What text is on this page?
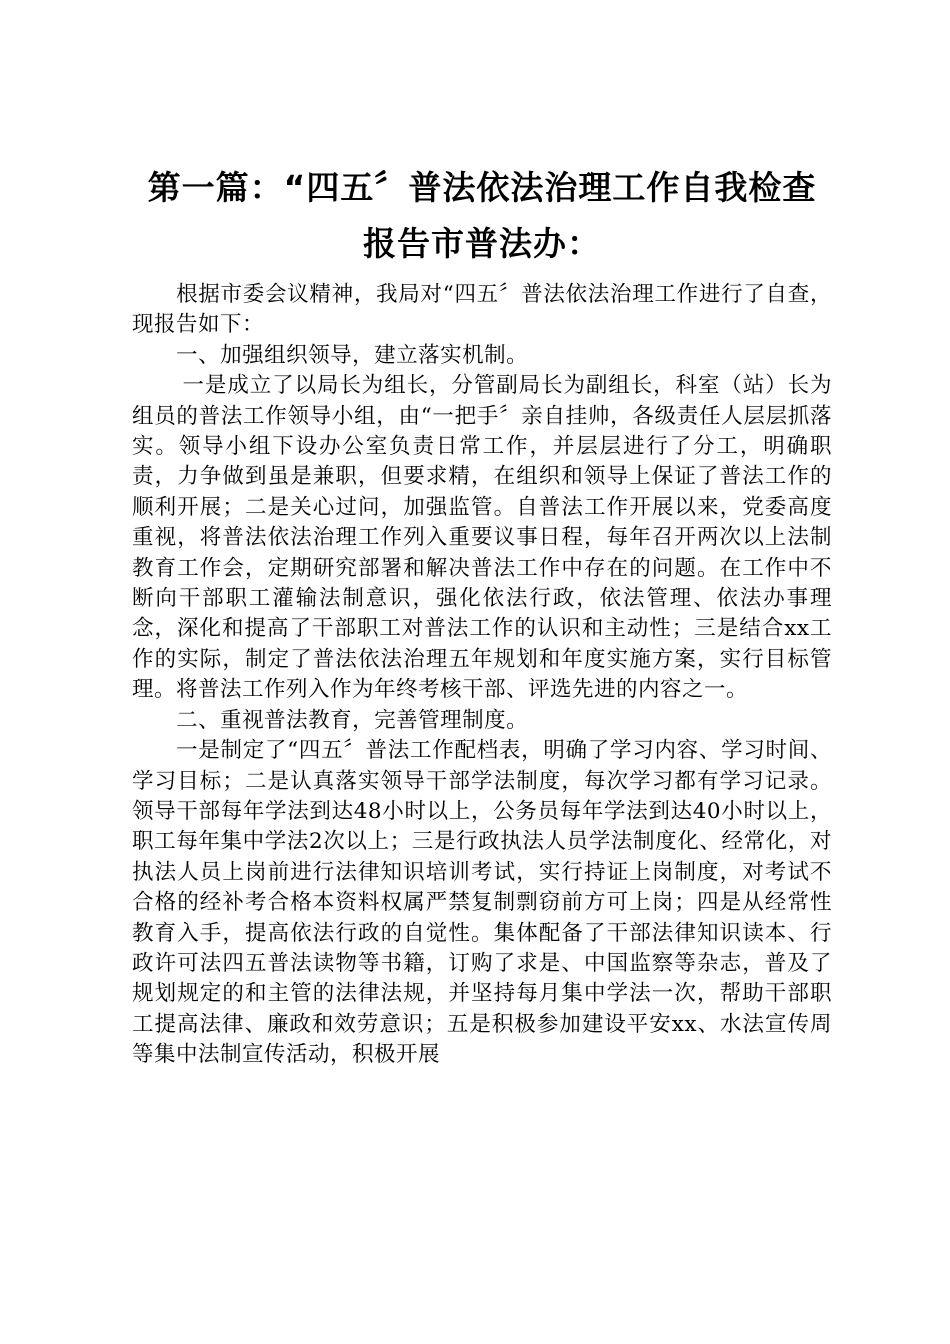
第一篇：“四五〞普法依法治理工作自我检查
报告市普法办：

根据市委会议精神，我局对“四五〞普法依法治理工作进行了自查，现报告如下：

一、加强组织领导，建立落实机制。

一是成立了以局长为组长，分管副局长为副组长，科室（站）长为组员的普法工作领导小组，由“一把手〞亲自挂帅，各级责任人层层抓落实。领导小组下设办公室负责日常工作，并层层进行了分工，明确职责，力争做到虽是兼职，但要求精，在组织和领导上保证了普法工作的顺利开展；二是关心过问，加强监管。自普法工作开展以来，党委高度重视，将普法依法治理工作列入重要议事日程，每年召开两次以上法制教育工作会，定期研究部署和解决普法工作中存在的问题。在工作中不断向干部职工灌输法制意识，强化依法行政，依法管理、依法办事理念，深化和提高了干部职工对普法工作的认识和主动性；三是结合xx工作的实际，制定了普法依法治理五年规划和年度实施方案，实行目标管理。将普法工作列入作为年终考核干部、评选先进的内容之一。

二、重视普法教育，完善管理制度。

一是制定了“四五〞普法工作配档表，明确了学习内容、学习时间、学习目标；二是认真落实领导干部学法制度，每次学习都有学习记录。领导干部每年学法到达48小时以上，公务员每年学法到达40小时以上，职工每年集中学法2次以上；三是行政执法人员学法制度化、经常化，对执法人员上岗前进行法律知识培训考试，实行持证上岗制度，对考试不合格的经补考合格本资料权属严禁复制剽窃前方可上岗；四是从经常性教育入手，提高依法行政的自觉性。集体配备了干部法律知识读本、行政许可法四五普法读物等书籍，订购了求是、中国监察等杂志，普及了规划规定的和主管的法律法规，并坚持每月集中学法一次，帮助干部职工提高法律、廉政和效劳意识；五是积极参加建设平安xx、水法宣传周等集中法制宣传活动，积极开展
